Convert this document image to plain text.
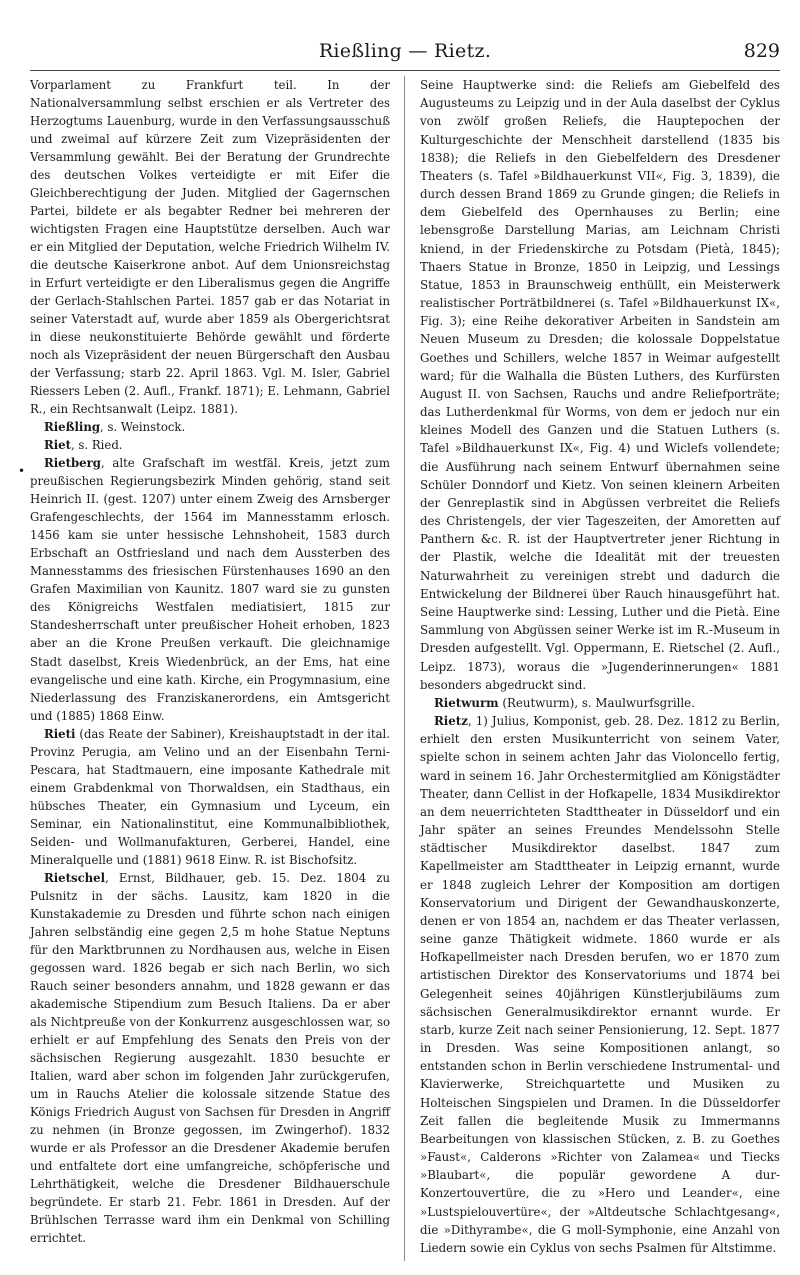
Rießling — Rietz.	829
•

Vorparlament zu Frankfurt teil. In der Nationalversammlung selbst erschien er als Vertreter des Herzogtums Lauenburg, wurde in den Verfassungsausschuß und zweimal auf kürzere Zeit zum Vizepräsidenten der Versammlung gewählt. Bei der Beratung der Grundrechte des deutschen Volkes verteidigte er mit Eifer die Gleichberechtigung der Juden. Mitglied der Gagernschen Partei, bildete er als begabter Redner bei mehreren der wichtigsten Fragen eine Hauptstütze derselben. Auch war er ein Mitglied der Deputation, welche Friedrich Wilhelm IV. die deutsche Kaiserkrone anbot. Auf dem Unionsreichstag in Erfurt verteidigte er den Liberalismus gegen die Angriffe der Gerlach-Stahlschen Partei. 1857 gab er das Notariat in seiner Vaterstadt auf, wurde aber 1859 als Obergerichtsrat in diese neukonstituierte Behörde gewählt und förderte noch als Vizepräsident der neuen Bürgerschaft den Ausbau der Verfassung; starb 22. April 1863. Vgl. M. Isler, Gabriel Riessers Leben (2. Aufl., Frankf. 1871); E. Lehmann, Gabriel R., ein Rechtsanwalt (Leipz. 1881).

Rießling, s. Weinstock.

Riet, s. Ried.

Rietberg, alte Grafschaft im westfäl. Kreis, jetzt zum preußischen Regierungsbezirk Minden gehörig, stand seit Heinrich II. (gest. 1207) unter einem Zweig des Arnsberger Grafengeschlechts, der 1564 im Mannesstamm erlosch. 1456 kam sie unter hessische Lehnshoheit, 1583 durch Erbschaft an Ostfriesland und nach dem Aussterben des Mannesstamms des friesischen Fürstenhauses 1690 an den Grafen Maximilian von Kaunitz. 1807 ward sie zu gunsten des Königreichs Westfalen mediatisiert, 1815 zur Standesherrschaft unter preußischer Hoheit erhoben, 1823 aber an die Krone Preußen verkauft. Die gleichnamige Stadt daselbst, Kreis Wiedenbrück, an der Ems, hat eine evangelische und eine kath. Kirche, ein Progymnasium, eine Niederlassung des Franziskanerordens, ein Amtsgericht und (1885) 1868 Einw.

Rieti (das Reate der Sabiner), Kreishauptstadt in der ital. Provinz Perugia, am Velino und an der Eisenbahn Terni-Pescara, hat Stadtmauern, eine imposante Kathedrale mit einem Grabdenkmal von Thorwaldsen, ein Stadthaus, ein hübsches Theater, ein Gymnasium und Lyceum, ein Seminar, ein Nationalinstitut, eine Kommunalbibliothek, Seiden- und Wollmanufakturen, Gerberei, Handel, eine Mineralquelle und (1881) 9618 Einw. R. ist Bischofsitz.

Rietschel, Ernst, Bildhauer, geb. 15. Dez. 1804 zu Pulsnitz in der sächs. Lausitz, kam 1820 in die Kunstakademie zu Dresden und führte schon nach einigen Jahren selbständig eine gegen 2,5 m hohe Statue Neptuns für den Marktbrunnen zu Nordhausen aus, welche in Eisen gegossen ward. 1826 begab er sich nach Berlin, wo sich Rauch seiner besonders annahm, und 1828 gewann er das akademische Stipendium zum Besuch Italiens. Da er aber als Nichtpreuße von der Konkurrenz ausgeschlossen war, so erhielt er auf Empfehlung des Senats den Preis von der sächsischen Regierung ausgezahlt. 1830 besuchte er Italien, ward aber schon im folgenden Jahr zurückgerufen, um in Rauchs Atelier die kolossale sitzende Statue des Königs Friedrich August von Sachsen für Dresden in Angriff zu nehmen (in Bronze gegossen, im Zwingerhof). 1832 wurde er als Professor an die Dresdener Akademie berufen und entfaltete dort eine umfangreiche, schöpferische und Lehrthätigkeit, welche die Dresdener Bildhauerschule begründete. Er starb 21. Febr. 1861 in Dresden. Auf der Brühlschen Terrasse ward ihm ein Denkmal von Schilling errichtet.

Seine Hauptwerke sind: die Reliefs am Giebelfeld des Augusteums zu Leipzig und in der Aula daselbst der Cyklus von zwölf großen Reliefs, die Hauptepochen der Kulturgeschichte der Menschheit darstellend (1835 bis 1838); die Reliefs in den Giebelfeldern des Dresdener Theaters (s. Tafel »Bildhauerkunst VII«, Fig. 3, 1839), die durch dessen Brand 1869 zu Grunde gingen; die Reliefs in dem Giebelfeld des Opernhauses zu Berlin; eine lebensgroße Darstellung Marias, am Leichnam Christi kniend, in der Friedenskirche zu Potsdam (Pietà, 1845); Thaers Statue in Bronze, 1850 in Leipzig, und Lessings Statue, 1853 in Braunschweig enthüllt, ein Meisterwerk realistischer Porträtbildnerei (s. Tafel »Bildhauerkunst IX«, Fig. 3); eine Reihe dekorativer Arbeiten in Sandstein am Neuen Museum zu Dresden; die kolossale Doppelstatue Goethes und Schillers, welche 1857 in Weimar aufgestellt ward; für die Walhalla die Büsten Luthers, des Kurfürsten August II. von Sachsen, Rauchs und andre Reliefporträte; das Lutherdenkmal für Worms, von dem er jedoch nur ein kleines Modell des Ganzen und die Statuen Luthers (s. Tafel »Bildhauerkunst IX«, Fig. 4) und Wiclefs vollendete; die Ausführung nach seinem Entwurf übernahmen seine Schüler Donndorf und Kietz. Von seinen kleinern Arbeiten der Genreplastik sind in Abgüssen verbreitet die Reliefs des Christengels, der vier Tageszeiten, der Amoretten auf Panthern &c. R. ist der Hauptvertreter jener Richtung in der Plastik, welche die Idealität mit der treuesten Naturwahrheit zu vereinigen strebt und dadurch die Entwickelung der Bildnerei über Rauch hinausgeführt hat. Seine Hauptwerke sind: Lessing, Luther und die Pietà. Eine Sammlung von Abgüssen seiner Werke ist im R.-Museum in Dresden aufgestellt. Vgl. Oppermann, E. Rietschel (2. Aufl., Leipz. 1873), woraus die »Jugenderinnerungen« 1881 besonders abgedruckt sind.

Rietwurm (Reutwurm), s. Maulwurfsgrille.

Rietz, 1) Julius, Komponist, geb. 28. Dez. 1812 zu Berlin, erhielt den ersten Musikunterricht von seinem Vater, spielte schon in seinem achten Jahr das Violoncello fertig, ward in seinem 16. Jahr Orchestermitglied am Königstädter Theater, dann Cellist in der Hofkapelle, 1834 Musikdirektor an dem neuerrichteten Stadttheater in Düsseldorf und ein Jahr später an seines Freundes Mendelssohn Stelle städtischer Musikdirektor daselbst. 1847 zum Kapellmeister am Stadttheater in Leipzig ernannt, wurde er 1848 zugleich Lehrer der Komposition am dortigen Konservatorium und Dirigent der Gewandhauskonzerte, denen er von 1854 an, nachdem er das Theater verlassen, seine ganze Thätigkeit widmete. 1860 wurde er als Hofkapellmeister nach Dresden berufen, wo er 1870 zum artistischen Direktor des Konservatoriums und 1874 bei Gelegenheit seines 40jährigen Künstlerjubiläums zum sächsischen Generalmusikdirektor ernannt wurde. Er starb, kurze Zeit nach seiner Pensionierung, 12. Sept. 1877 in Dresden. Was seine Kompositionen anlangt, so entstanden schon in Berlin verschiedene Instrumental- und Klavierwerke, Streichquartette und Musiken zu Holteischen Singspielen und Dramen. In die Düsseldorfer Zeit fallen die begleitende Musik zu Immermanns Bearbeitungen von klassischen Stücken, z. B. zu Goethes »Faust«, Calderons »Richter von Zalamea« und Tiecks »Blaubart«, die populär gewordene A dur-Konzertouvertüre, die zu »Hero und Leander«, eine »Lustspielouvertüre«, der »Altdeutsche Schlachtgesang«, die »Dithyrambe«, die G moll-Symphonie, eine Anzahl von Liedern sowie ein Cyklus von sechs Psalmen für Altstimme.
